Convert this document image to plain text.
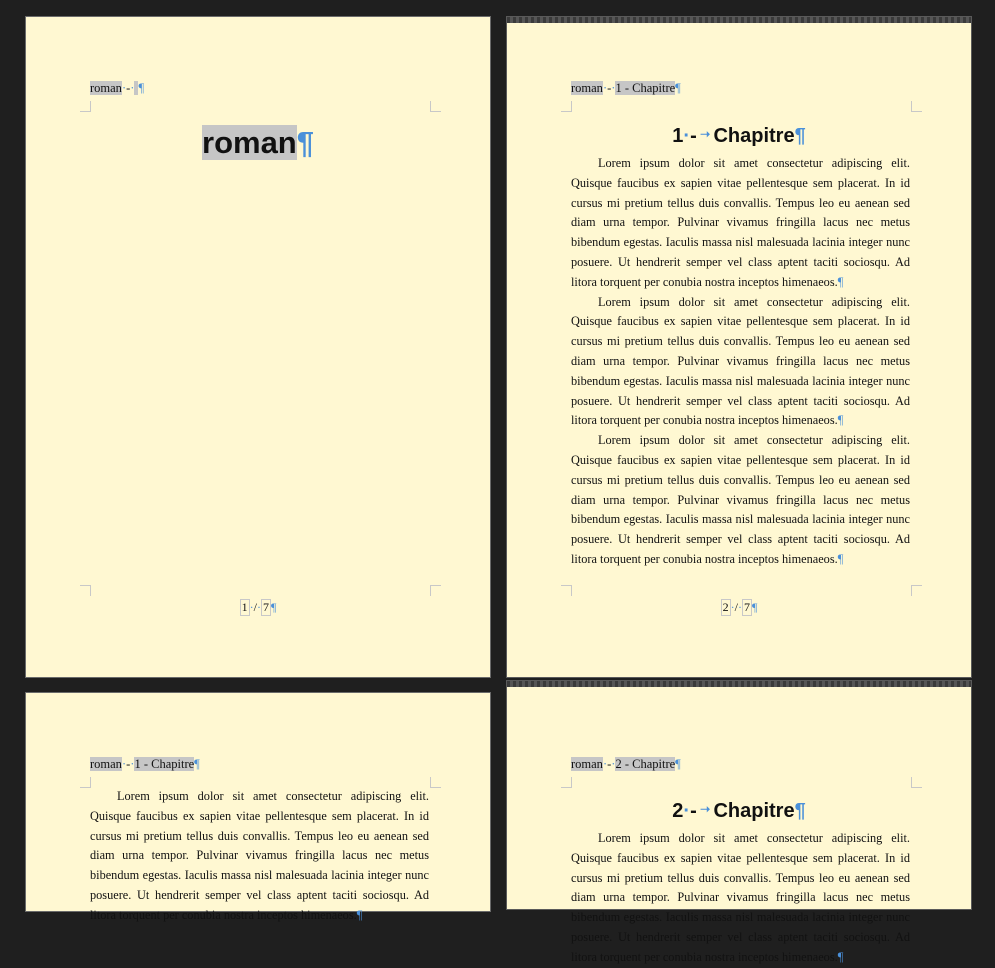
roman·-· ¶
roman¶
1 ·/· 7 ¶
roman·-·1 - Chapitre¶
1·- ➝ Chapitre¶

Lorem ipsum dolor sit amet consectetur adipiscing elit. Quisque faucibus ex sapien vitae pellentesque sem placerat. In id cursus mi pretium tellus duis convallis. Tempus leo eu aenean sed diam urna tempor. Pulvinar vivamus fringilla lacus nec metus bibendum egestas. Iaculis massa nisl malesuada lacinia integer nunc posuere. Ut hendrerit semper vel class aptent taciti sociosqu. Ad litora torquent per conubia nostra inceptos himenaeos.¶

Lorem ipsum dolor sit amet consectetur adipiscing elit. Quisque faucibus ex sapien vitae pellentesque sem placerat. In id cursus mi pretium tellus duis convallis. Tempus leo eu aenean sed diam urna tempor. Pulvinar vivamus fringilla lacus nec metus bibendum egestas. Iaculis massa nisl malesuada lacinia integer nunc posuere. Ut hendrerit semper vel class aptent taciti sociosqu. Ad litora torquent per conubia nostra inceptos himenaeos.¶

Lorem ipsum dolor sit amet consectetur adipiscing elit. Quisque faucibus ex sapien vitae pellentesque sem placerat. In id cursus mi pretium tellus duis convallis. Tempus leo eu aenean sed diam urna tempor. Pulvinar vivamus fringilla lacus nec metus bibendum egestas. Iaculis massa nisl malesuada lacinia integer nunc posuere. Ut hendrerit semper vel class aptent taciti sociosqu. Ad litora torquent per conubia nostra inceptos himenaeos.¶

2 ·/· 7 ¶
roman·-·1 - Chapitre¶

Lorem ipsum dolor sit amet consectetur adipiscing elit. Quisque faucibus ex sapien vitae pellentesque sem placerat. In id cursus mi pretium tellus duis convallis. Tempus leo eu aenean sed diam urna tempor. Pulvinar vivamus fringilla lacus nec metus bibendum egestas. Iaculis massa nisl malesuada lacinia integer nunc posuere. Ut hendrerit semper vel class aptent taciti sociosqu. Ad litora torquent per conubia nostra inceptos himenaeos.¶

roman·-·2 - Chapitre¶
2·- ➝ Chapitre¶

Lorem ipsum dolor sit amet consectetur adipiscing elit. Quisque faucibus ex sapien vitae pellentesque sem placerat. In id cursus mi pretium tellus duis convallis. Tempus leo eu aenean sed diam urna tempor. Pulvinar vivamus fringilla lacus nec metus bibendum egestas. Iaculis massa nisl malesuada lacinia integer nunc posuere. Ut hendrerit semper vel class aptent taciti sociosqu. Ad litora torquent per conubia nostra inceptos himenaeos.¶
